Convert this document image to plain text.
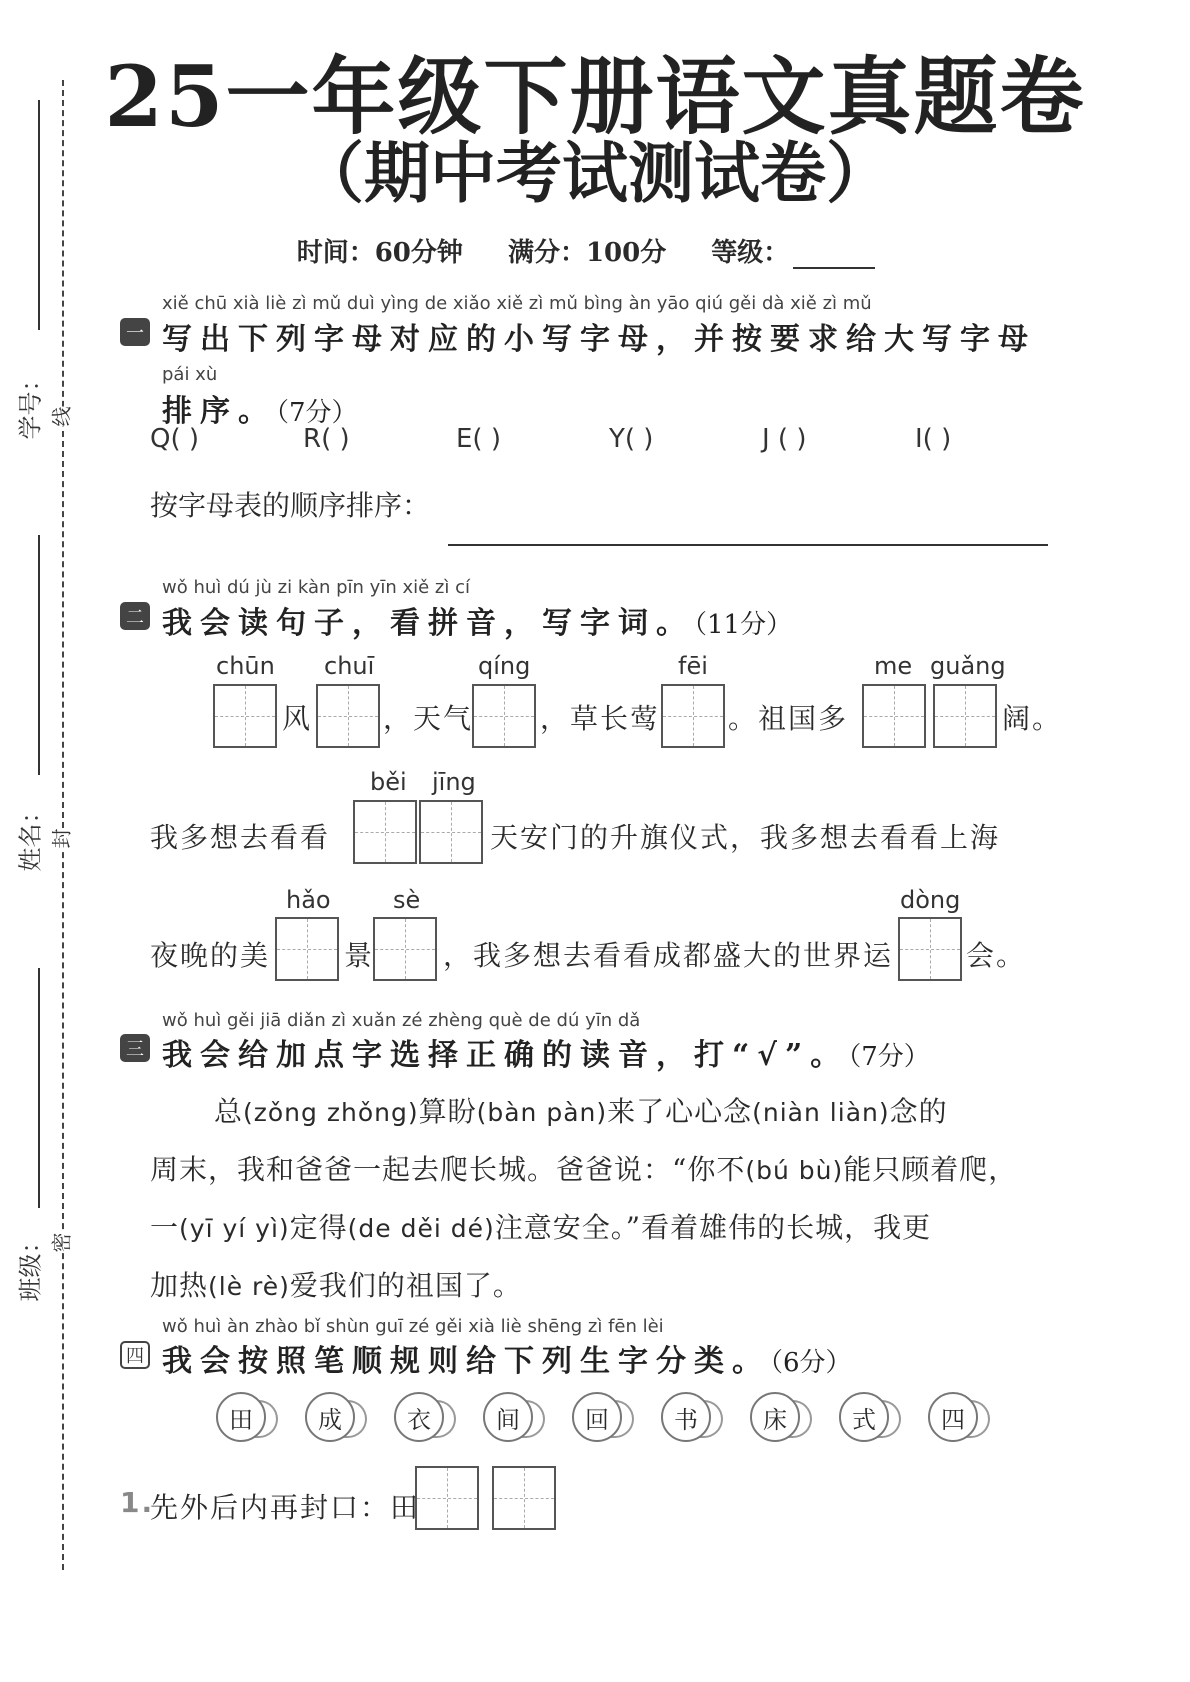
学号：
姓名：
班级：
线
封
密
25一年级下册语文真题卷
（期中考试测试卷）
时间：60分钟 满分：100分 等级：
xiě chū xià liè zì mǔ duì yìng de xiǎo xiě zì mǔ bìng àn yāo qiú gěi dà xiě zì mǔ
一 写出下列字母对应的小写字母，并按要求给大写字母
pái xù
排序。（7分）
Q( )	R( )	E( )	Y( )	J ( )	I( )
按字母表的顺序排序：
wǒ huì dú jù zi kàn pīn yīn xiě zì cí
二 我会读句子，看拼音，写字词。（11分）
chūn chuī	qíng	fēi	me guǎng
风	，天气 ，草长莺 。祖国多	阔。
běi jīng
我多想去看看	天安门的升旗仪式，我多想去看看上海
hǎo	sè	dòng
夜晚的美	景 ，我多想去看看成都盛大的世界运	会。
wǒ huì gěi jiā diǎn zì xuǎn zé zhèng què de dú yīn dǎ
三 我会给加点字选择正确的读音，打“√”。（7分）
总(zǒng zhǒng)算盼(bàn pàn)来了心心念(niàn liàn)念的
周末，我和爸爸一起去爬长城。爸爸说：“你不(bú bù)能只顾着爬，
一(yī yí yì)定得(de děi dé)注意安全。”看着雄伟的长城，我更
加热(lè rè)爱我们的祖国了。
wǒ huì àn zhào bǐ shùn guī zé gěi xià liè shēng zì fēn lèi
四 我会按照笔顺规则给下列生字分类。（6分）
田	成	衣	间	回	书	床	式	四
1.
先外后内再封口：田
